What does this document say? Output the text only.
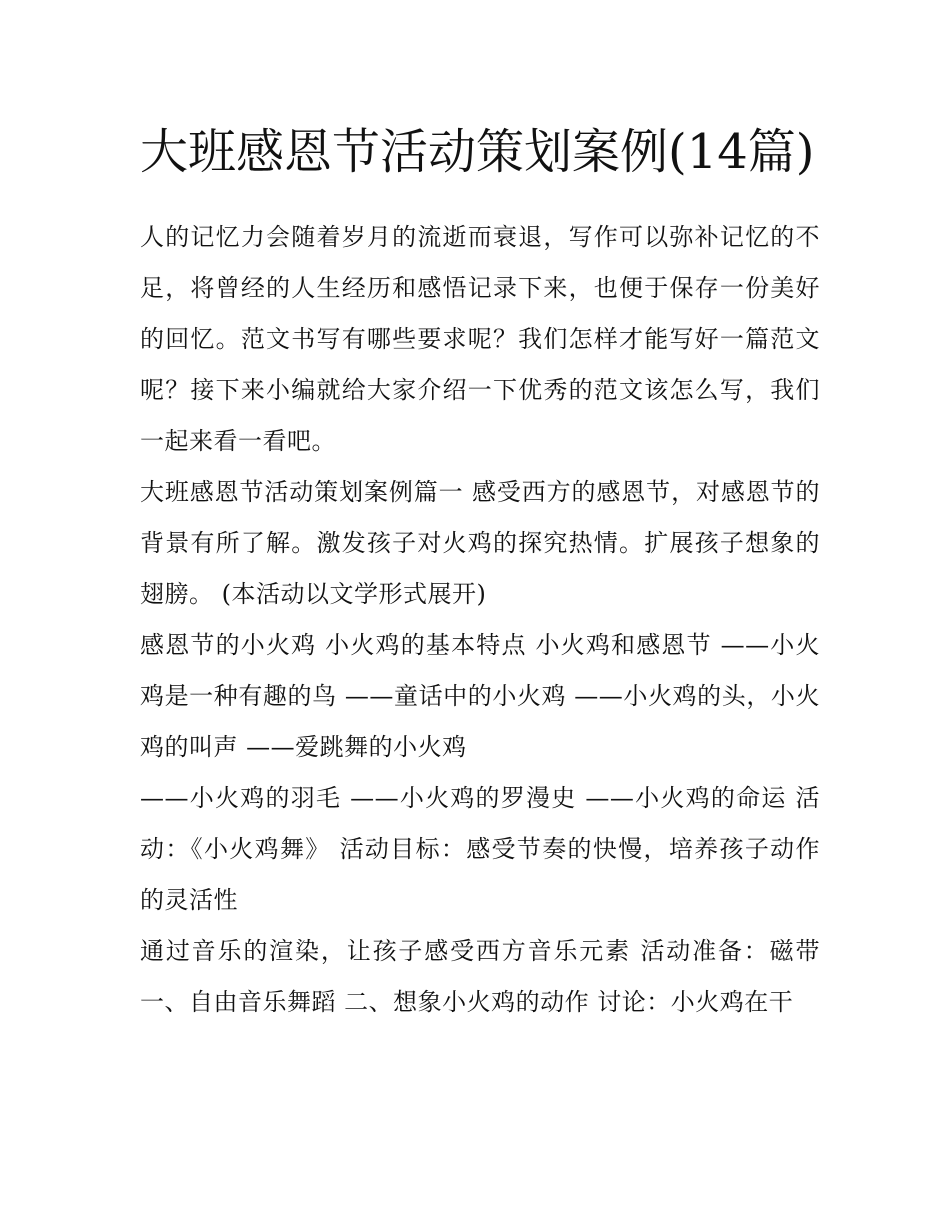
大班感恩节活动策划案例(14篇)

人的记忆力会随着岁月的流逝而衰退，写作可以弥补记忆的不足，将曾经的人生经历和感悟记录下来，也便于保存一份美好的回忆。范文书写有哪些要求呢？我们怎样才能写好一篇范文呢？接下来小编就给大家介绍一下优秀的范文该怎么写，我们一起来看一看吧。

大班感恩节活动策划案例篇一 感受西方的感恩节，对感恩节的背景有所了解。激发孩子对火鸡的探究热情。扩展孩子想象的翅膀。 (本活动以文学形式展开)

感恩节的小火鸡 小火鸡的基本特点 小火鸡和感恩节 ——小火鸡是一种有趣的鸟 ——童话中的小火鸡 ——小火鸡的头，小火鸡的叫声 ——爱跳舞的小火鸡

——小火鸡的羽毛 ——小火鸡的罗漫史 ——小火鸡的命运 活动：《小火鸡舞》 活动目标：感受节奏的快慢，培养孩子动作的灵活性

通过音乐的渲染，让孩子感受西方音乐元素 活动准备：磁带 一、自由音乐舞蹈 二、想象小火鸡的动作 讨论：小火鸡在干
